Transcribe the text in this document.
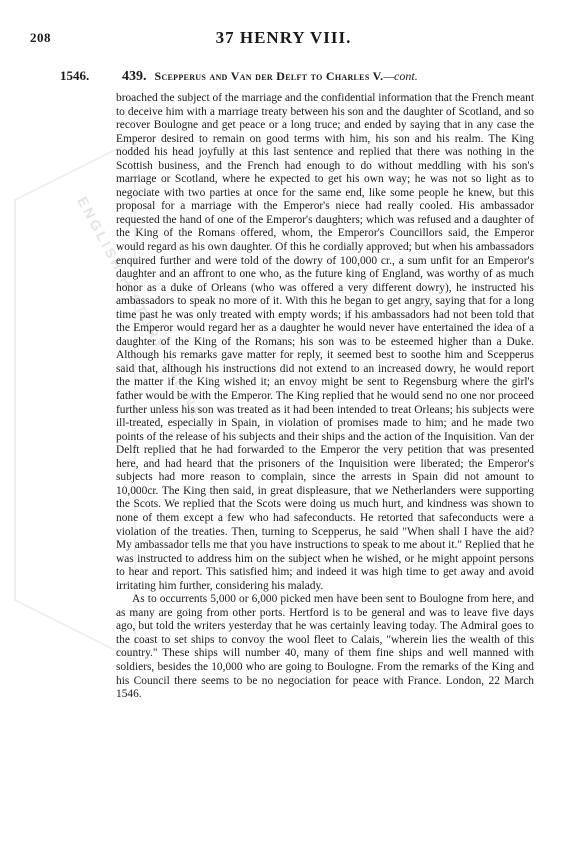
ENGLISH HISTORY ONLINE
208	37 HENRY VIII.
1546. 439. Scepperus and Van der Delft to Charles V.—cont.

broached the subject of the marriage and the confidential information that the French meant to deceive him with a marriage treaty between his son and the daughter of Scotland, and so recover Boulogne and get peace or a long truce; and ended by saying that in any case the Emperor desired to remain on good terms with him, his son and his realm. The King nodded his head joyfully at this last sentence and replied that there was nothing in the Scottish business, and the French had enough to do without meddling with his son's marriage or Scotland, where he expected to get his own way; he was not so light as to negociate with two parties at once for the same end, like some people he knew, but this proposal for a marriage with the Emperor's niece had really cooled. His ambassador requested the hand of one of the Emperor's daughters; which was refused and a daughter of the King of the Romans offered, whom, the Emperor's Councillors said, the Emperor would regard as his own daughter. Of this he cordially approved; but when his ambassadors enquired further and were told of the dowry of 100,000 cr., a sum unfit for an Emperor's daughter and an affront to one who, as the future king of England, was worthy of as much honor as a duke of Orleans (who was offered a very different dowry), he instructed his ambassadors to speak no more of it. With this he began to get angry, saying that for a long time past he was only treated with empty words; if his ambassadors had not been told that the Emperor would regard her as a daughter he would never have entertained the idea of a daughter of the King of the Romans; his son was to be esteemed higher than a Duke. Although his remarks gave matter for reply, it seemed best to soothe him and Scepperus said that, although his instructions did not extend to an increased dowry, he would report the matter if the King wished it; an envoy might be sent to Regensburg where the girl's father would be with the Emperor. The King replied that he would send no one nor proceed further unless his son was treated as it had been intended to treat Orleans; his subjects were ill-treated, especially in Spain, in violation of promises made to him; and he made two points of the release of his subjects and their ships and the action of the Inquisition. Van der Delft replied that he had forwarded to the Emperor the very petition that was presented here, and had heard that the prisoners of the Inquisition were liberated; the Emperor's subjects had more reason to complain, since the arrests in Spain did not amount to 10,000cr. The King then said, in great displeasure, that we Netherlanders were supporting the Scots. We replied that the Scots were doing us much hurt, and kindness was shown to none of them except a few who had safeconducts. He retorted that safeconducts were a violation of the treaties. Then, turning to Scepperus, he said "When shall I have the aid? My ambassador tells me that you have instructions to speak to me about it." Replied that he was instructed to address him on the subject when he wished, or he might appoint persons to hear and report. This satisfied him; and indeed it was high time to get away and avoid irritating him further, considering his malady.

As to occurrents 5,000 or 6,000 picked men have been sent to Boulogne from here, and as many are going from other ports. Hertford is to be general and was to leave five days ago, but told the writers yesterday that he was certainly leaving today. The Admiral goes to the coast to set ships to convoy the wool fleet to Calais, "wherein lies the wealth of this country." These ships will number 40, many of them fine ships and well manned with soldiers, besides the 10,000 who are going to Boulogne. From the remarks of the King and his Council there seems to be no negociation for peace with France. London, 22 March 1546.
